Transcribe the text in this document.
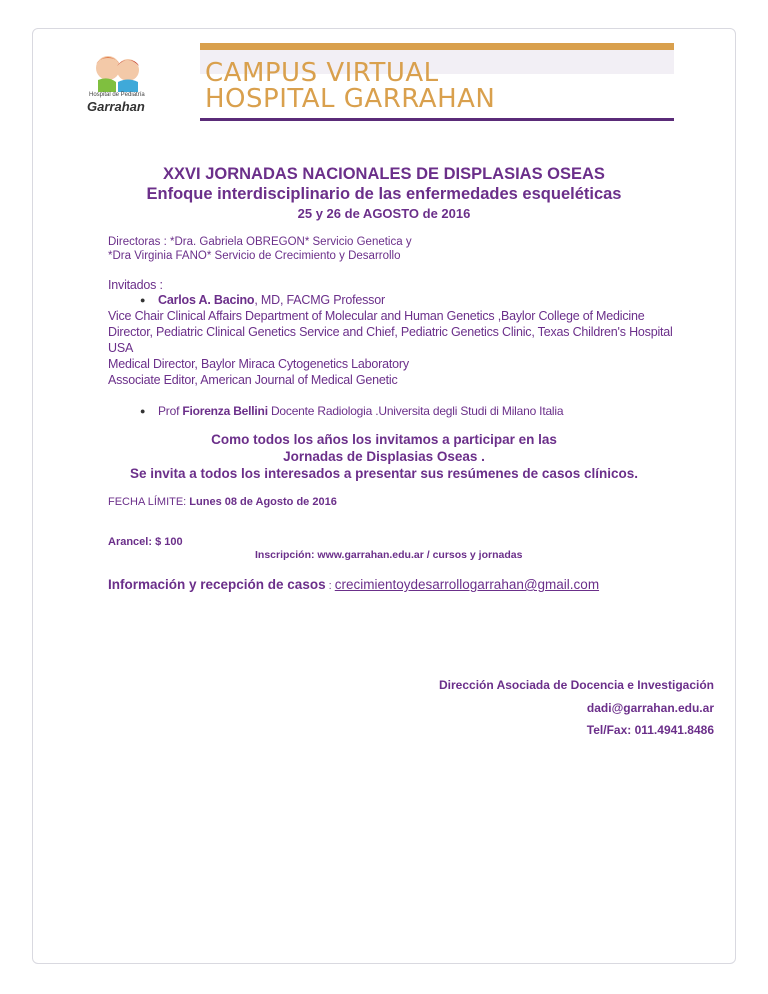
CAMPUS VIRTUAL
HOSPITAL GARRAHAN
Hospital de Pediatría
Garrahan
XXVI JORNADAS NACIONALES DE DISPLASIAS OSEAS
Enfoque interdisciplinario de las enfermedades esqueléticas
25 y 26 de AGOSTO de 2016
Directoras : *Dra. Gabriela OBREGON* Servicio Genetica y
*Dra Virginia FANO* Servicio de Crecimiento y Desarrollo
Invitados :
● Carlos A. Bacino, MD, FACMG Professor
Vice Chair Clinical Affairs Department of Molecular and Human Genetics ,Baylor College of Medicine
Director, Pediatric Clinical Genetics Service and Chief, Pediatric Genetics Clinic, Texas Children's Hospital
USA
Medical Director, Baylor Miraca Cytogenetics Laboratory
Associate Editor, American Journal of Medical Genetic
● Prof Fiorenza Bellini Docente Radiologia .Universita degli Studi di Milano Italia
Como todos los años los invitamos a participar en las
Jornadas de Displasias Oseas .
Se invita a todos los interesados a presentar sus resúmenes de casos clínicos.
FECHA LÍMITE: Lunes 08 de Agosto de 2016
Arancel: $ 100
Inscripción: www.garrahan.edu.ar / cursos y jornadas
Información y recepción de casos : crecimientoydesarrollogarrahan@gmail.com
Dirección Asociada de Docencia e Investigación
dadi@garrahan.edu.ar
Tel/Fax: 011.4941.8486
